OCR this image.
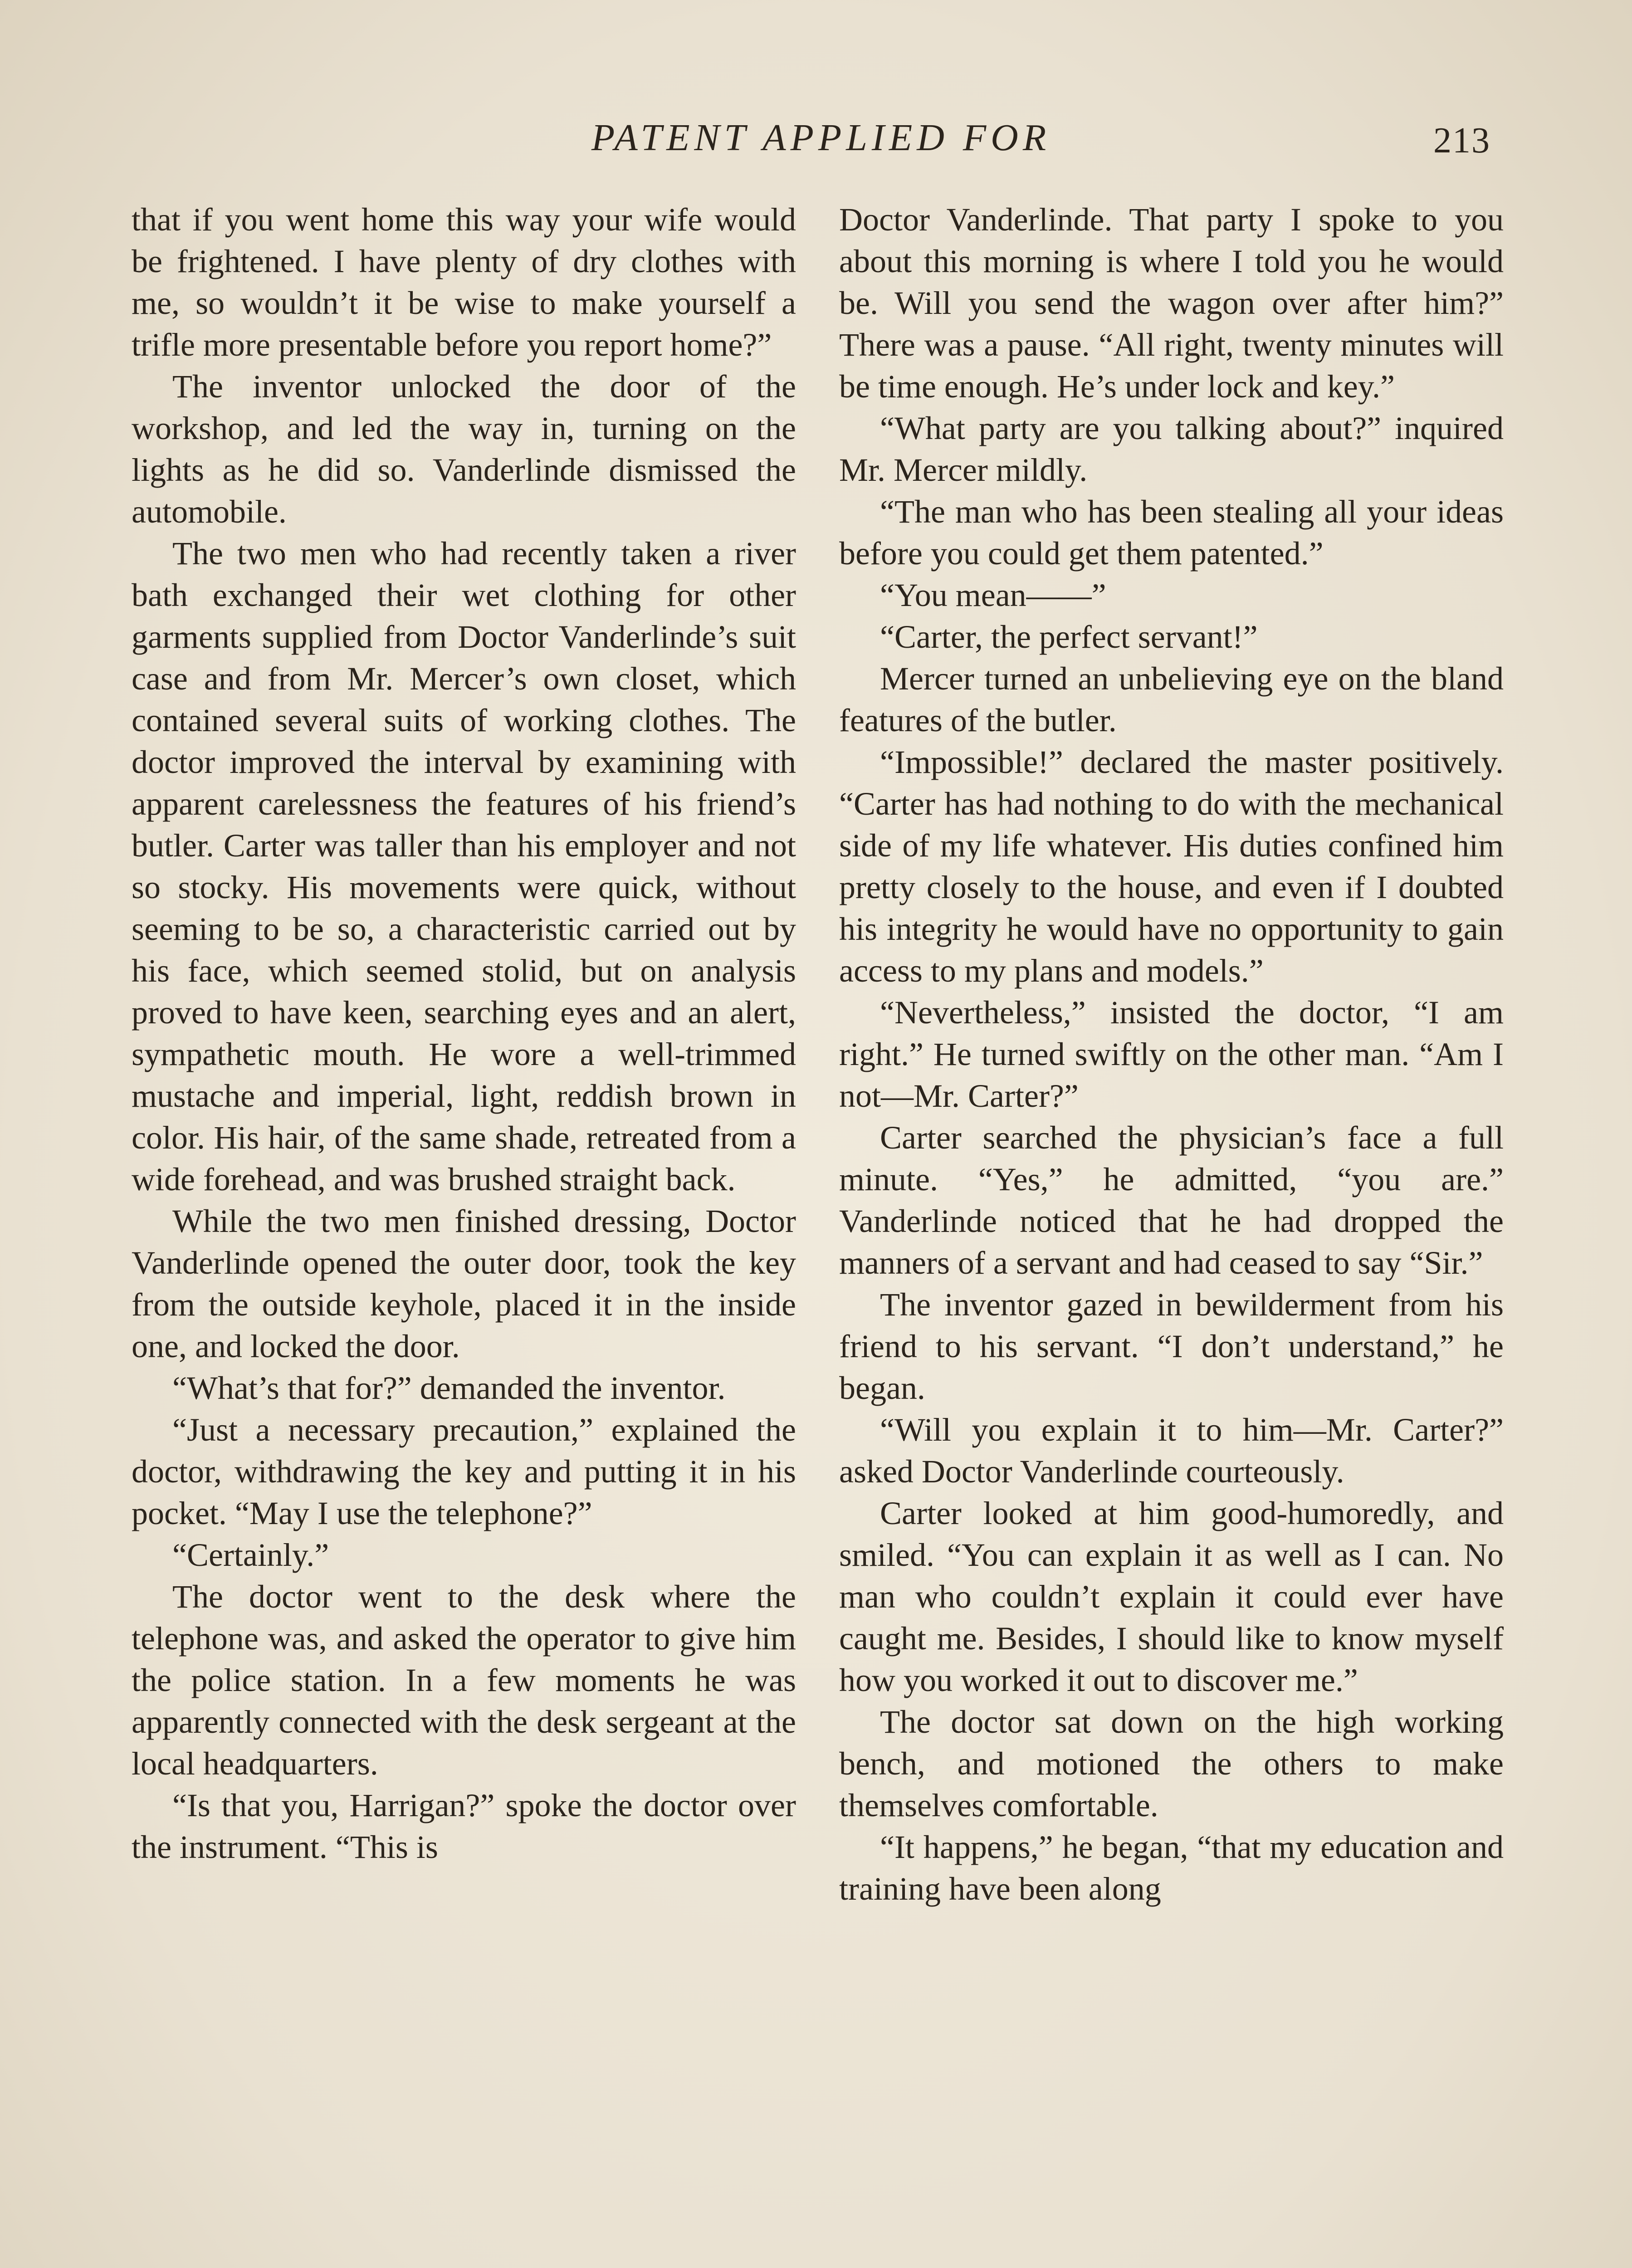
PATENT APPLIED FOR	213

that if you went home this way your wife would be frightened. I have plenty of dry clothes with me, so wouldn’t it be wise to make yourself a trifle more presentable before you report home?”

The inventor unlocked the door of the workshop, and led the way in, turning on the lights as he did so. Vanderlinde dismissed the automobile.

The two men who had recently taken a river bath exchanged their wet clothing for other garments supplied from Doctor Vanderlinde’s suit case and from Mr. Mercer’s own closet, which contained several suits of working clothes. The doctor improved the interval by examining with apparent carelessness the features of his friend’s butler. Carter was taller than his employer and not so stocky. His movements were quick, without seeming to be so, a characteristic carried out by his face, which seemed stolid, but on analysis proved to have keen, searching eyes and an alert, sympathetic mouth. He wore a well-trimmed mustache and imperial, light, reddish brown in color. His hair, of the same shade, retreated from a wide forehead, and was brushed straight back.

While the two men finished dressing, Doctor Vanderlinde opened the outer door, took the key from the outside keyhole, placed it in the inside one, and locked the door.

“What’s that for?” demanded the inventor.

“Just a necessary precaution,” explained the doctor, withdrawing the key and putting it in his pocket. “May I use the telephone?”

“Certainly.”

The doctor went to the desk where the telephone was, and asked the operator to give him the police station. In a few moments he was apparently connected with the desk sergeant at the local headquarters.

“Is that you, Harrigan?” spoke the doctor over the instrument. “This is

Doctor Vanderlinde. That party I spoke to you about this morning is where I told you he would be. Will you send the wagon over after him?” There was a pause. “All right, twenty minutes will be time enough. He’s under lock and key.”

“What party are you talking about?” inquired Mr. Mercer mildly.

“The man who has been stealing all your ideas before you could get them patented.”

“You mean——”

“Carter, the perfect servant!”

Mercer turned an unbelieving eye on the bland features of the butler.

“Impossible!” declared the master positively. “Carter has had nothing to do with the mechanical side of my life whatever. His duties confined him pretty closely to the house, and even if I doubted his integrity he would have no opportunity to gain access to my plans and models.”

“Nevertheless,” insisted the doctor, “I am right.” He turned swiftly on the other man. “Am I not—Mr. Carter?”

Carter searched the physician’s face a full minute. “Yes,” he admitted, “you are.” Vanderlinde noticed that he had dropped the manners of a servant and had ceased to say “Sir.”

The inventor gazed in bewilderment from his friend to his servant. “I don’t understand,” he began.

“Will you explain it to him—Mr. Carter?” asked Doctor Vanderlinde courteously.

Carter looked at him good-humoredly, and smiled. “You can explain it as well as I can. No man who couldn’t explain it could ever have caught me. Besides, I should like to know myself how you worked it out to discover me.”

The doctor sat down on the high working bench, and motioned the others to make themselves comfortable.

“It happens,” he began, “that my education and training have been along
